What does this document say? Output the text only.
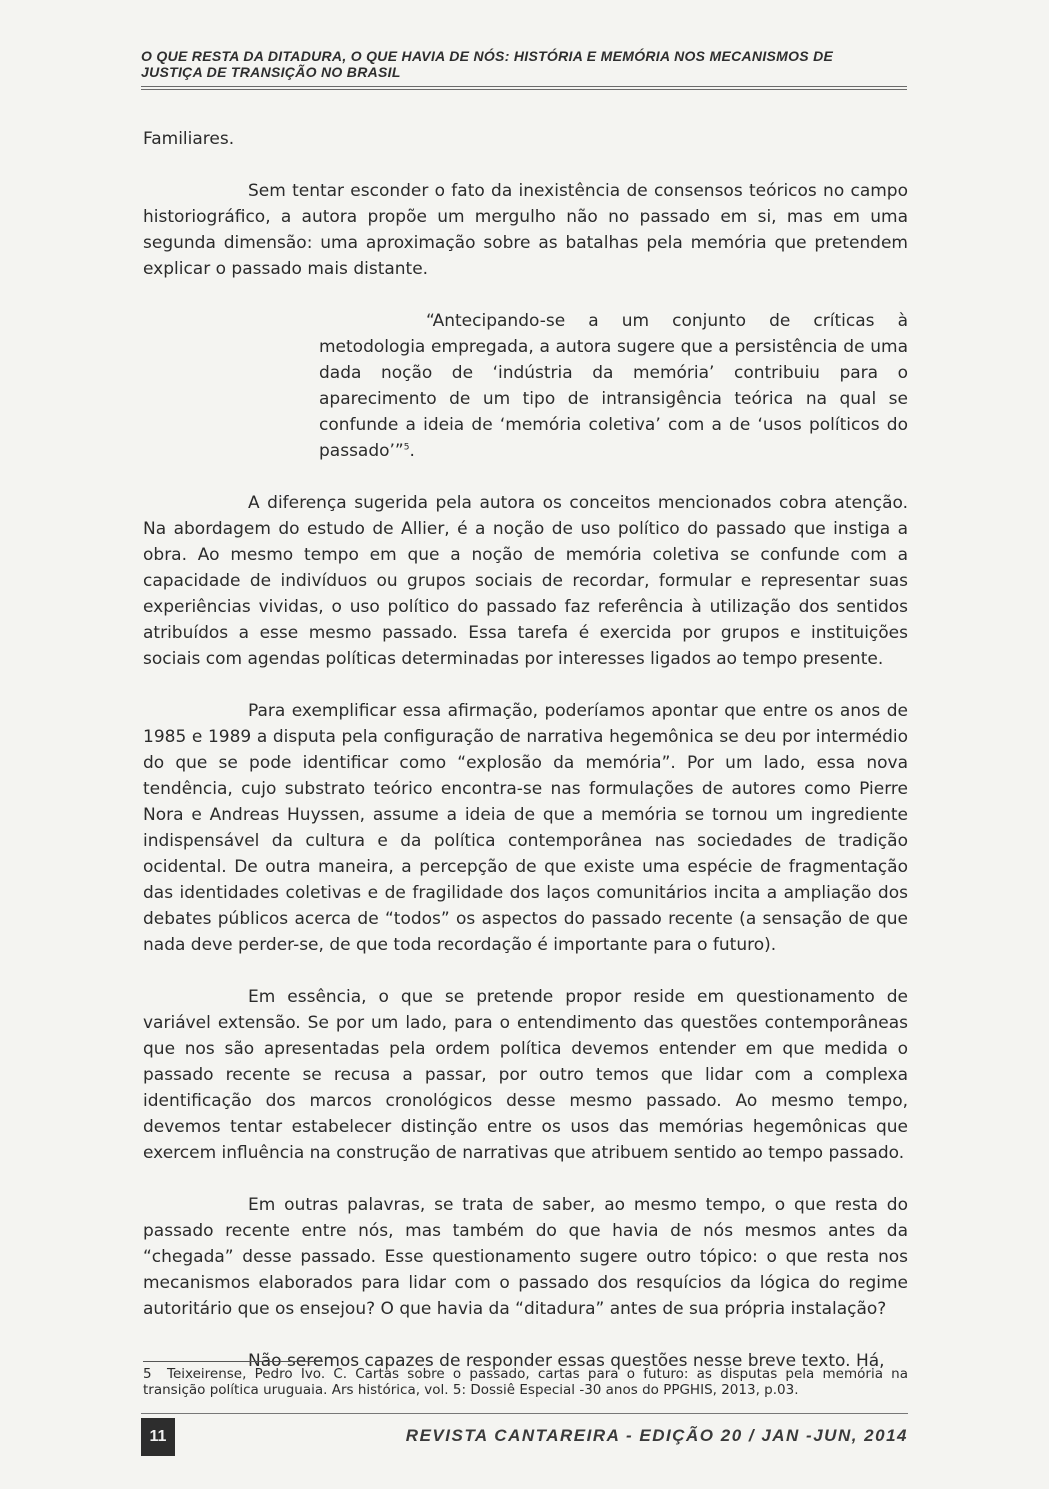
O QUE RESTA DA DITADURA, O QUE HAVIA DE NÓS: HISTÓRIA E MEMÓRIA NOS MECANISMOS DE
JUSTIÇA DE TRANSIÇÃO NO BRASIL

Familiares.

Sem tentar esconder o fato da inexistência de consensos teóricos no campo historiográfico, a autora propõe um mergulho não no passado em si, mas em uma segunda dimensão: uma aproximação sobre as batalhas pela memória que pretendem explicar o passado mais distante.

“Antecipando-se a um conjunto de críticas à metodologia empregada, a autora sugere que a persistência de uma dada noção de ‘indústria da memória’ contribuiu para o aparecimento de um tipo de intransigência teórica na qual se confunde a ideia de ‘memória coletiva’ com a de ‘usos políticos do passado’”$^5$.

A diferença sugerida pela autora os conceitos mencionados cobra atenção. Na abordagem do estudo de Allier, é a noção de uso político do passado que instiga a obra. Ao mesmo tempo em que a noção de memória coletiva se confunde com a capacidade de indivíduos ou grupos sociais de recordar, formular e representar suas experiências vividas, o uso político do passado faz referência à utilização dos sentidos atribuídos a esse mesmo passado. Essa tarefa é exercida por grupos e instituições sociais com agendas políticas determinadas por interesses ligados ao tempo presente.

Para exemplificar essa afirmação, poderíamos apontar que entre os anos de 1985 e 1989 a disputa pela configuração de narrativa hegemônica se deu por intermédio do que se pode identificar como “explosão da memória”. Por um lado, essa nova tendência, cujo substrato teórico encontra-se nas formulações de autores como Pierre Nora e Andreas Huyssen, assume a ideia de que a memória se tornou um ingrediente indispensável da cultura e da política contemporânea nas sociedades de tradição ocidental. De outra maneira, a percepção de que existe uma espécie de fragmentação das identidades coletivas e de fragilidade dos laços comunitários incita a ampliação dos debates públicos acerca de “todos” os aspectos do passado recente (a sensação de que nada deve perder-se, de que toda recordação é importante para o futuro).

Em essência, o que se pretende propor reside em questionamento de variável extensão. Se por um lado, para o entendimento das questões contemporâneas que nos são apresentadas pela ordem política devemos entender em que medida o passado recente se recusa a passar, por outro temos que lidar com a complexa identificação dos marcos cronológicos desse mesmo passado. Ao mesmo tempo, devemos tentar estabelecer distinção entre os usos das memórias hegemônicas que exercem influência na construção de narrativas que atribuem sentido ao tempo passado.

Em outras palavras, se trata de saber, ao mesmo tempo, o que resta do passado recente entre nós, mas também do que havia de nós mesmos antes da “chegada” desse passado. Esse questionamento sugere outro tópico: o que resta nos mecanismos elaborados para lidar com o passado dos resquícios da lógica do regime autoritário que os ensejou? O que havia da “ditadura” antes de sua própria instalação?

Não seremos capazes de responder essas questões nesse breve texto. Há,

5 Teixeirense, Pedro Ivo. C. Cartas sobre o passado, cartas para o futuro: as disputas pela memória na transição política uruguaia. Ars histórica, vol. 5: Dossiê Especial -30 anos do PPGHIS, 2013, p.03.
11	REVISTA CANTAREIRA - EDIÇÃO 20 / JAN -JUN, 2014
